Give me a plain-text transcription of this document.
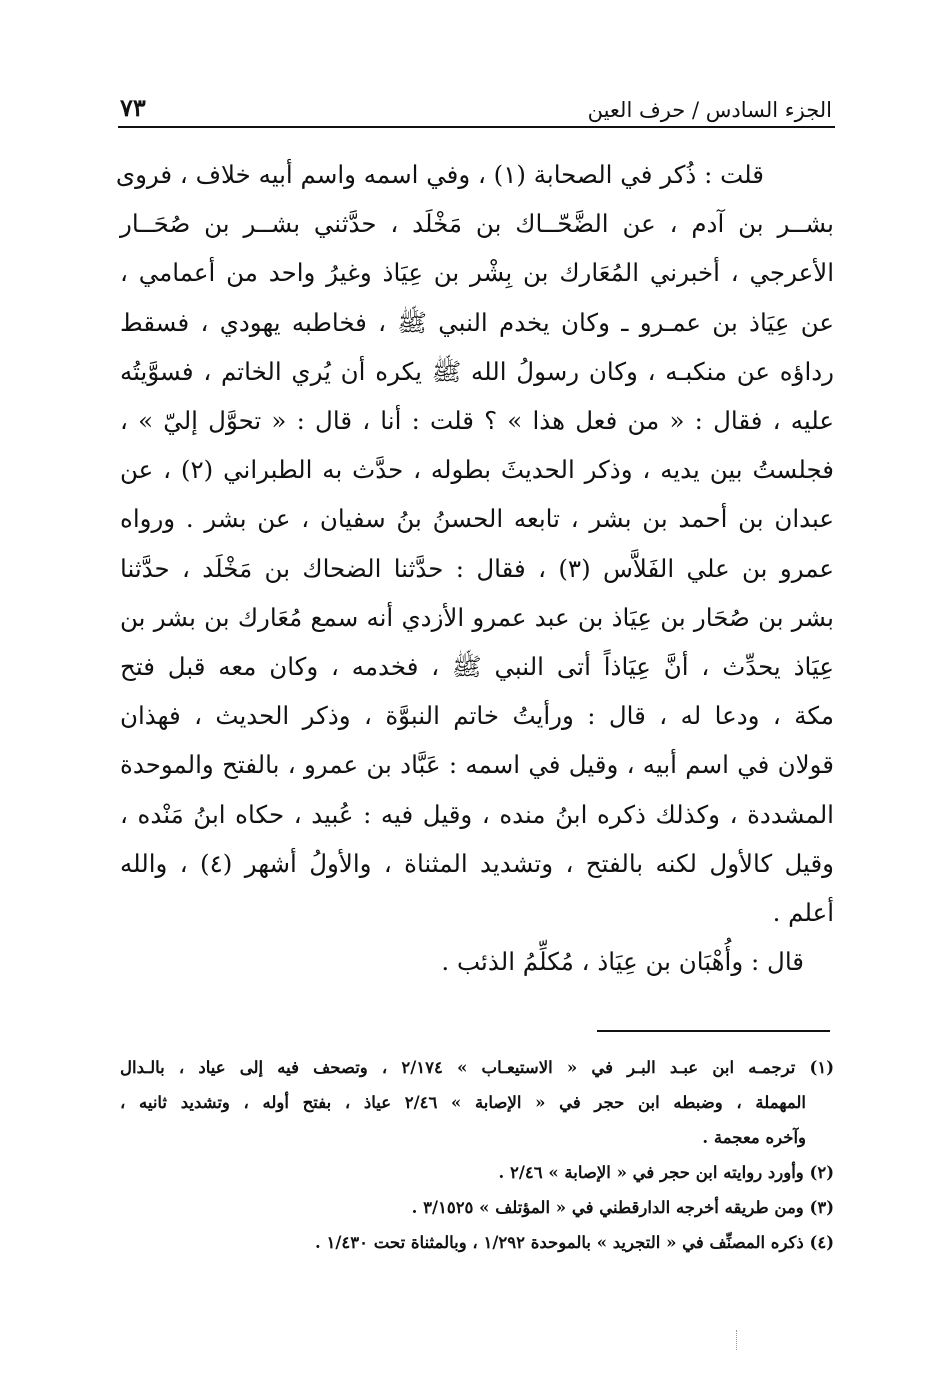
الجزء السادس / حرف العين
٧٣
قلت : ذُكر في الصحابة (١) ، وفي اسمه واسم أبيه خلاف ، فروى
بشــر بن آدم ، عن الضَّحّــاك بن مَخْلَد ، حدَّثني بشــر بن صُحَــار
الأعرجي ، أخبرني المُعَارك بن بِشْر بن عِيَاذ وغيرُ واحد من أعمامي ،
عن عِيَاذ بن عمـرو ـ وكان يخدم النبي ﷺ ، فخاطبه يهودي ، فسقط
رداؤه عن منكبـه ، وكان رسولُ الله ﷺ يكره أن يُري الخاتم ، فسوَّيتُه
عليه ، فقال : « من فعل هذا » ؟ قلت : أنا ، قال : « تحوَّل إليّ » ،
فجلستُ بين يديه ، وذكر الحديثَ بطوله ، حدَّث به الطبراني (٢) ، عن
عبدان بن أحمد بن بشر ، تابعه الحسنُ بنُ سفيان ، عن بشر . ورواه
عمرو بن علي الفَلاَّس (٣) ، فقال : حدَّثنا الضحاك بن مَخْلَد ، حدَّثنا
بشر بن صُحَار بن عِيَاذ بن عبد عمرو الأزدي أنه سمع مُعَارك بن بشر بن
عِيَاذ يحدِّث ، أنَّ عِيَاذاً أتى النبي ﷺ ، فخدمه ، وكان معه قبل فتح
مكة ، ودعا له ، قال : ورأيتُ خاتم النبوَّة ، وذكر الحديث ، فهذان
قولان في اسم أبيه ، وقيل في اسمه : عَبَّاد بن عمرو ، بالفتح والموحدة
المشددة ، وكذلك ذكره ابنُ منده ، وقيل فيه : عُبيد ، حكاه ابنُ مَنْده ،
وقيل كالأول لكنه بالفتح ، وتشديد المثناة ، والأولُ أشهر (٤) ، والله
أعلم .
قال : وأُهْبَان بن عِيَاذ ، مُكلِّمُ الذئب .
(١) ترجمـه ابن عبـد البـر في « الاستيعـاب » ٢/١٧٤ ، وتصحف فيه إلى عياد ، بالـدال
المهملة ، وضبطه ابن حجر في « الإصابة » ٢/٤٦ عياذ ، بفتح أوله ، وتشديد ثانيه ،
وآخره معجمة .
(٢) وأورد روايته ابن حجر في « الإصابة » ٢/٤٦ .
(٣) ومن طريقه أخرجه الدارقطني في « المؤتلف » ٣/١٥٢٥ .
(٤) ذكره المصنِّف في « التجريد » بالموحدة ١/٢٩٢ ، وبالمثناة تحت ١/٤٣٠ .
